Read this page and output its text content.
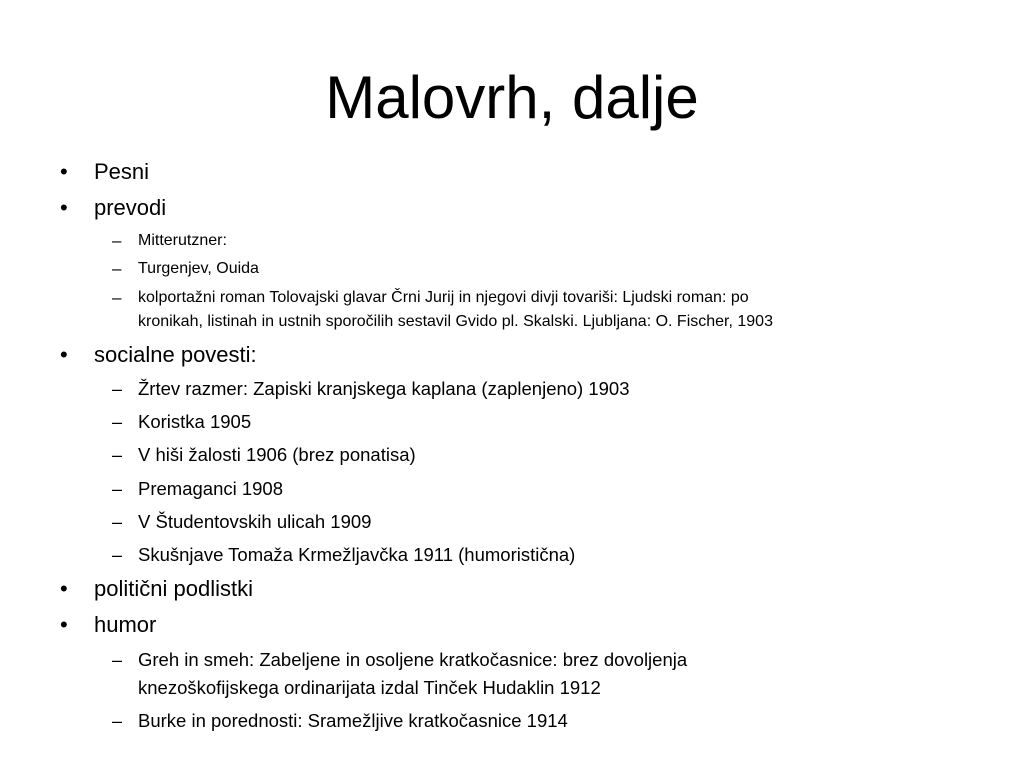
Malovrh, dalje
• Pesni
• prevodi
– Mitterutzner:
– Turgenjev, Ouida
– kolportažni roman Tolovajski glavar Črni Jurij in njegovi divji tovariši: Ljudski roman: po
kronikah, listinah in ustnih sporočilih sestavil Gvido pl. Skalski. Ljubljana: O. Fischer, 1903
• socialne povesti:
– Žrtev razmer: Zapiski kranjskega kaplana (zaplenjeno) 1903
– Koristka 1905
– V hiši žalosti 1906 (brez ponatisa)
– Premaganci 1908
– V Študentovskih ulicah 1909
– Skušnjave Tomaža Krmežljavčka 1911 (humoristična)
• politični podlistki
• humor
– Greh in smeh: Zabeljene in osoljene kratkočasnice: brez dovoljenja
knezoškofijskega ordinarijata izdal Tinček Hudaklin 1912
– Burke in porednosti: Sramežljive kratkočasnice 1914
